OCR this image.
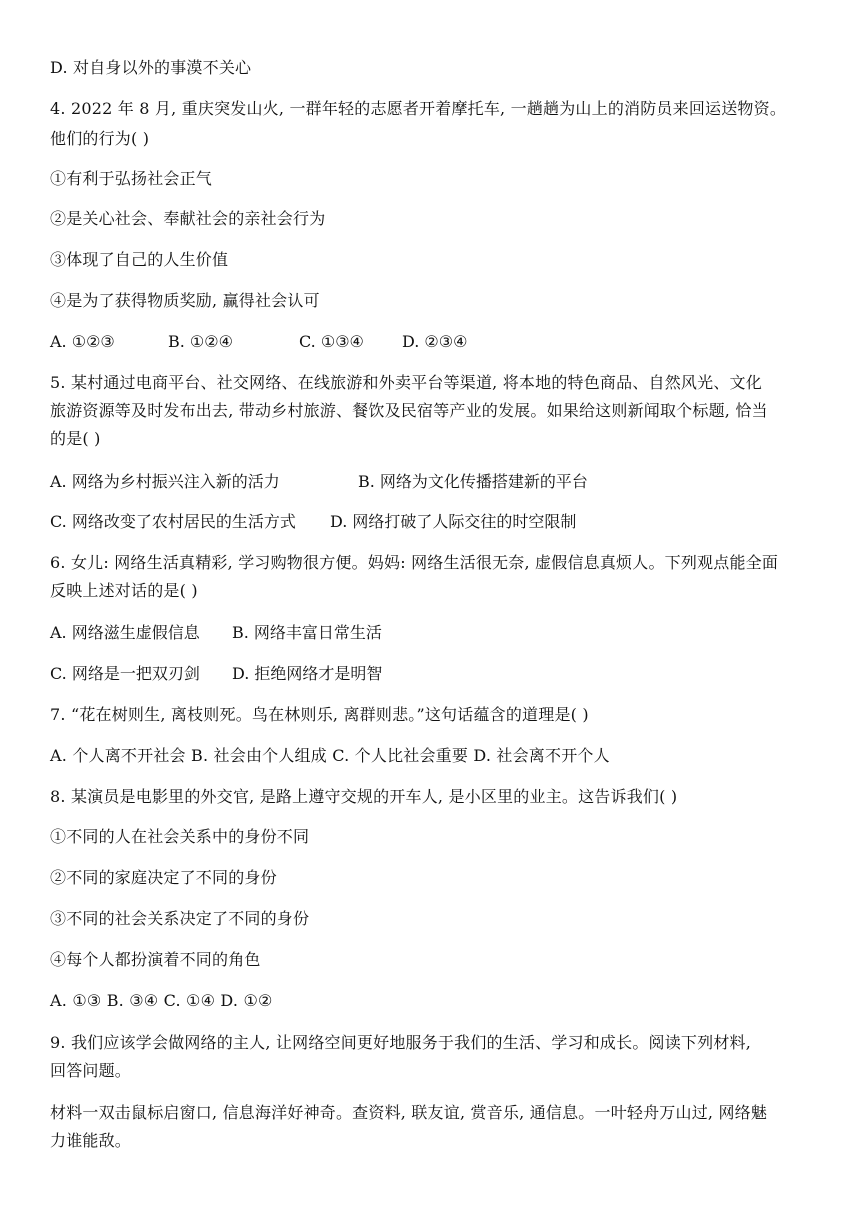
D. 对自身以外的事漠不关心
4. 2022 年 8 月, 重庆突发山火, 一群年轻的志愿者开着摩托车, 一趟趟为山上的消防员来回运送物资。
他们的行为( )
①有利于弘扬社会正气
②是关心社会、奉献社会的亲社会行为
③体现了自己的人生价值
④是为了获得物质奖励, 赢得社会认可
A. ①②③	B. ①②④	C. ①③④ D. ②③④
5. 某村通过电商平台、社交网络、在线旅游和外卖平台等渠道, 将本地的特色商品、自然风光、文化
旅游资源等及时发布出去, 带动乡村旅游、餐饮及民宿等产业的发展。如果给这则新闻取个标题, 恰当
的是( )
A. 网络为乡村振兴注入新的活力	B. 网络为文化传播搭建新的平台
C. 网络改变了农村居民的生活方式 D. 网络打破了人际交往的时空限制
6. 女儿: 网络生活真精彩, 学习购物很方便。妈妈: 网络生活很无奈, 虚假信息真烦人。下列观点能全面
反映上述对话的是( )
A. 网络滋生虚假信息 B. 网络丰富日常生活
C. 网络是一把双刃剑 D. 拒绝网络才是明智
7. “花在树则生, 离枝则死。鸟在林则乐, 离群则悲。”这句话蕴含的道理是( )
A. 个人离不开社会 B. 社会由个人组成 C. 个人比社会重要 D. 社会离不开个人
8. 某演员是电影里的外交官, 是路上遵守交规的开车人, 是小区里的业主。这告诉我们( )
①不同的人在社会关系中的身份不同
②不同的家庭决定了不同的身份
③不同的社会关系决定了不同的身份
④每个人都扮演着不同的角色
A. ①③ B. ③④ C. ①④ D. ①②
9. 我们应该学会做网络的主人, 让网络空间更好地服务于我们的生活、学习和成长。阅读下列材料,
回答问题。
材料一双击鼠标启窗口, 信息海洋好神奇。查资料, 联友谊, 赏音乐, 通信息。一叶轻舟万山过, 网络魅
力谁能敌。
